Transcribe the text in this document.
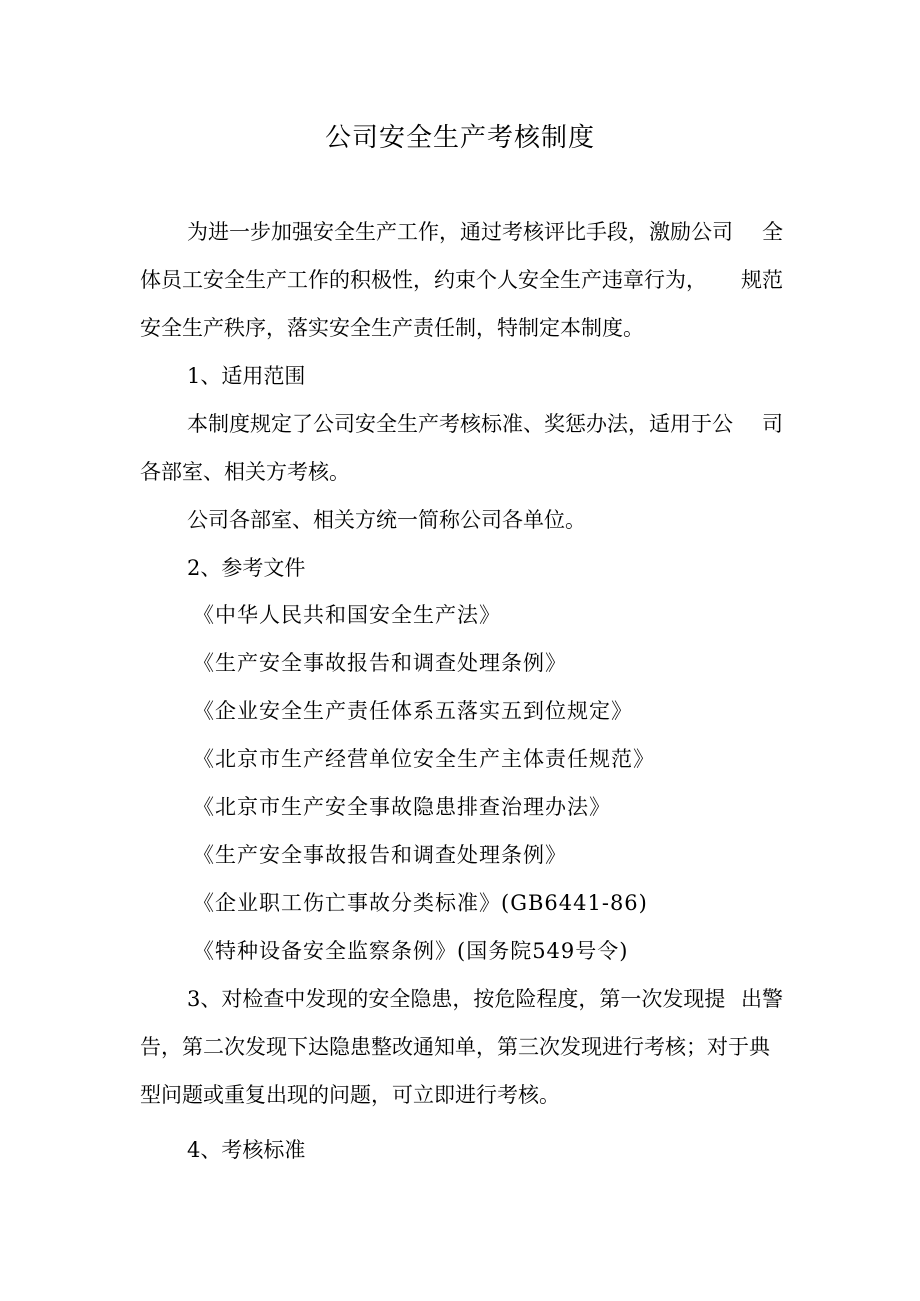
公司安全生产考核制度
为进一步加强安全生产工作，通过考核评比手段，激励公司 全
体员工安全生产工作的积极性，约束个人安全生产违章行为， 规范
安全生产秩序，落实安全生产责任制，特制定本制度。
1、适用范围
本制度规定了公司安全生产考核标准、奖惩办法，适用于公 司
各部室、相关方考核。
公司各部室、相关方统一简称公司各单位。
2、参考文件
《中华人民共和国安全生产法》
《生产安全事故报告和调查处理条例》
《企业安全生产责任体系五落实五到位规定》
《北京市生产经营单位安全生产主体责任规范》
《北京市生产安全事故隐患排查治理办法》
《生产安全事故报告和调查处理条例》
《企业职工伤亡事故分类标准》(GB6441-86)
《特种设备安全监察条例》(国务院549号令)
3、对检查中发现的安全隐患，按危险程度，第一次发现提 出警
告，第二次发现下达隐患整改通知单，第三次发现进行考核；对于典
型问题或重复出现的问题，可立即进行考核。
4、考核标准
